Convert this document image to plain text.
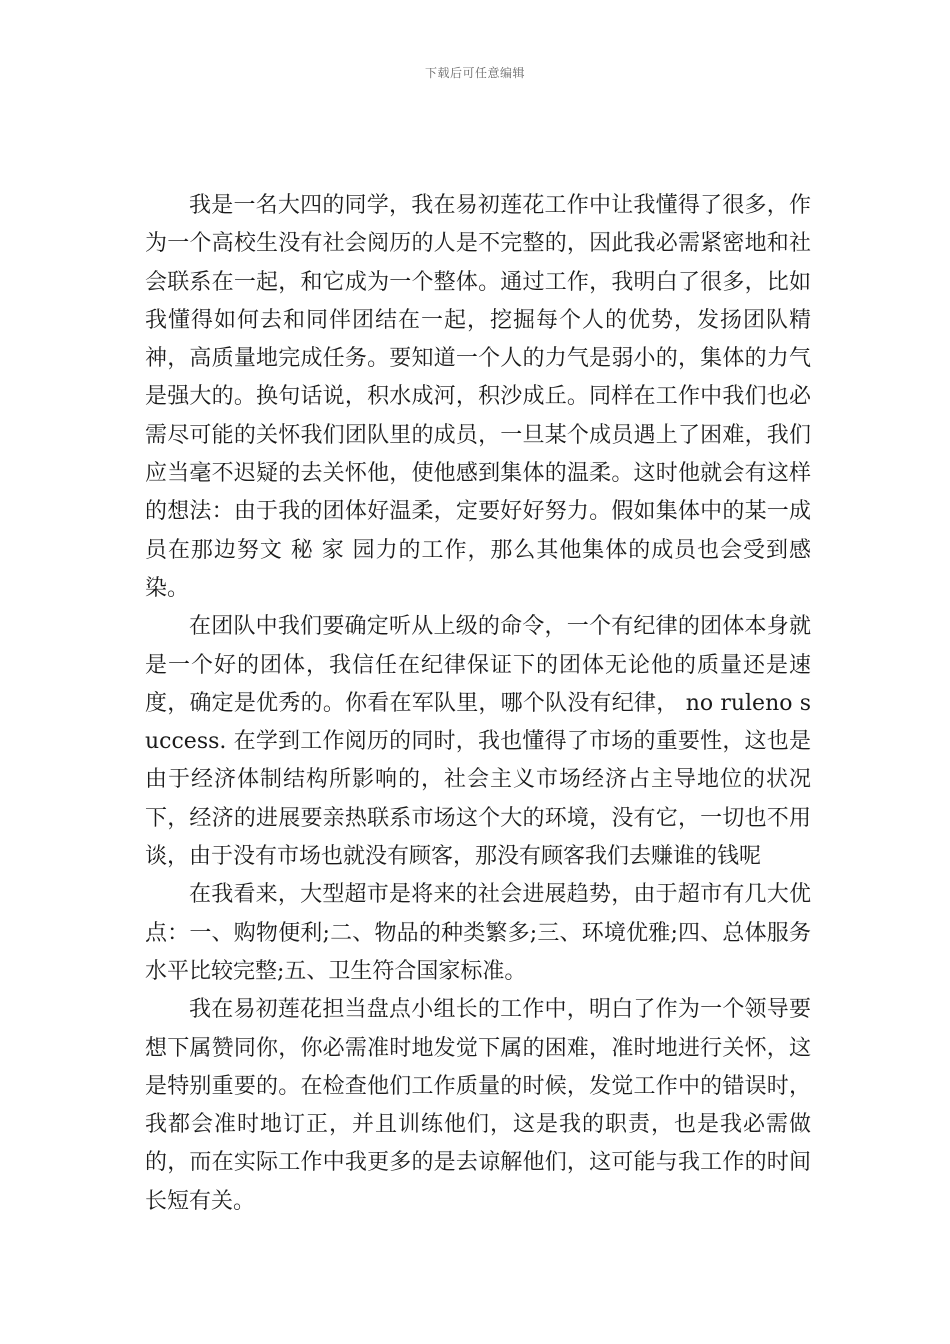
下载后可任意编辑

我是一名大四的同学，我在易初莲花工作中让我懂得了很多，作为一个高校生没有社会阅历的人是不完整的，因此我必需紧密地和社会联系在一起，和它成为一个整体。通过工作，我明白了很多，比如我懂得如何去和同伴团结在一起，挖掘每个人的优势，发扬团队精神，高质量地完成任务。要知道一个人的力气是弱小的，集体的力气是强大的。换句话说，积水成河，积沙成丘。同样在工作中我们也必需尽可能的关怀我们团队里的成员，一旦某个成员遇上了困难，我们应当毫不迟疑的去关怀他，使他感到集体的温柔。这时他就会有这样的想法：由于我的团体好温柔，定要好好努力。假如集体中的某一成员在那边努文 秘 家 园力的工作，那么其他集体的成员也会受到感染。

在团队中我们要确定听从上级的命令，一个有纪律的团体本身就是一个好的团体，我信任在纪律保证下的团体无论他的质量还是速度，确定是优秀的。你看在军队里，哪个队没有纪律， no ruleno success. 在学到工作阅历的同时，我也懂得了市场的重要性，这也是由于经济体制结构所影响的，社会主义市场经济占主导地位的状况下，经济的进展要亲热联系市场这个大的环境，没有它，一切也不用谈，由于没有市场也就没有顾客，那没有顾客我们去赚谁的钱呢

在我看来，大型超市是将来的社会进展趋势，由于超市有几大优点：一、购物便利;二、物品的种类繁多;三、环境优雅;四、总体服务水平比较完整;五、卫生符合国家标准。

我在易初莲花担当盘点小组长的工作中，明白了作为一个领导要想下属赞同你，你必需准时地发觉下属的困难，准时地进行关怀，这是特别重要的。在检查他们工作质量的时候，发觉工作中的错误时，我都会准时地订正，并且训练他们，这是我的职责，也是我必需做的，而在实际工作中我更多的是去谅解他们，这可能与我工作的时间长短有关。
